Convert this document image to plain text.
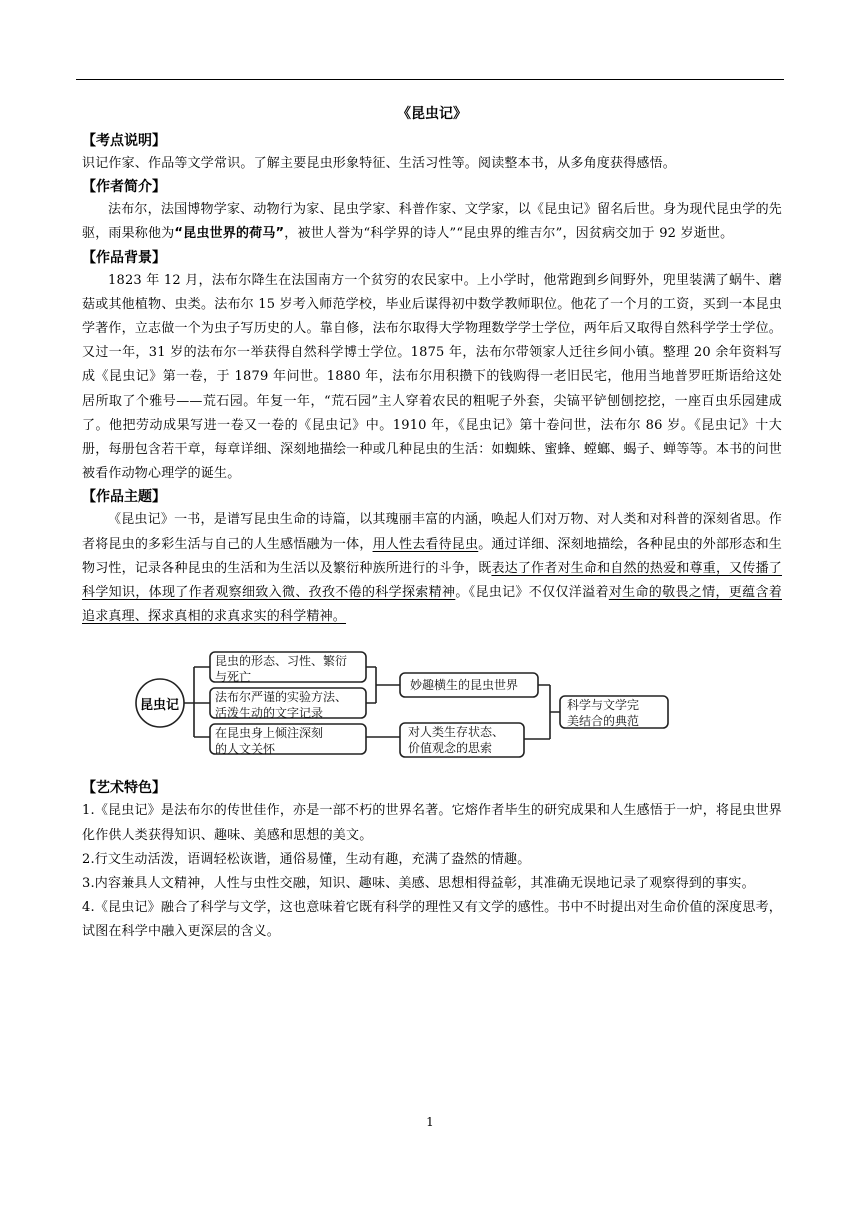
《昆虫记》
【考点说明】

识记作家、作品等文学常识。了解主要昆虫形象特征、生活习性等。阅读整本书，从多角度获得感悟。

【作者简介】

法布尔，法国博物学家、动物行为家、昆虫学家、科普作家、文学家，以《昆虫记》留名后世。身为现代昆虫学的先驱，雨果称他为“昆虫世界的荷马”，被世人誉为“科学界的诗人”“昆虫界的维吉尔”，因贫病交加于 92 岁逝世。

【作品背景】

1823 年 12 月，法布尔降生在法国南方一个贫穷的农民家中。上小学时，他常跑到乡间野外，兜里装满了蜗牛、蘑菇或其他植物、虫类。法布尔 15 岁考入师范学校，毕业后谋得初中数学教师职位。他花了一个月的工资，买到一本昆虫学著作，立志做一个为虫子写历史的人。靠自修，法布尔取得大学物理数学学士学位，两年后又取得自然科学学士学位。又过一年，31 岁的法布尔一举获得自然科学博士学位。1875 年，法布尔带领家人迁往乡间小镇。整理 20 余年资料写成《昆虫记》第一卷，于 1879 年问世。1880 年，法布尔用积攒下的钱购得一老旧民宅，他用当地普罗旺斯语给这处居所取了个雅号——荒石园。年复一年，“荒石园”主人穿着农民的粗呢子外套，尖镐平铲刨刨挖挖，一座百虫乐园建成了。他把劳动成果写进一卷又一卷的《昆虫记》中。1910 年，《昆虫记》第十卷问世，法布尔 86 岁。《昆虫记》十大册，每册包含若干章，每章详细、深刻地描绘一种或几种昆虫的生活：如蜘蛛、蜜蜂、螳螂、蝎子、蝉等等。本书的问世被看作动物心理学的诞生。

【作品主题】

《昆虫记》一书，是谱写昆虫生命的诗篇，以其瑰丽丰富的内涵，唤起人们对万物、对人类和对科普的深刻省思。作者将昆虫的多彩生活与自己的人生感悟融为一体，用人性去看待昆虫。通过详细、深刻地描绘，各种昆虫的外部形态和生物习性，记录各种昆虫的生活和为生活以及繁衍种族所进行的斗争，既表达了作者对生命和自然的热爱和尊重，又传播了科学知识，体现了作者观察细致入微、孜孜不倦的科学探索精神。《昆虫记》不仅仅洋溢着对生命的敬畏之情，更蕴含着追求真理、探求真相的求真求实的科学精神。

昆虫记
昆虫的形态、习性、繁衍
与死亡
法布尔严谨的实验方法、
活泼生动的文字记录
在昆虫身上倾注深刻
的人文关怀
妙趣横生的昆虫世界
对人类生存状态、
价值观念的思索
科学与文学完
美结合的典范
【艺术特色】

1.《昆虫记》是法布尔的传世佳作，亦是一部不朽的世界名著。它熔作者毕生的研究成果和人生感悟于一炉，将昆虫世界化作供人类获得知识、趣味、美感和思想的美文。

2.行文生动活泼，语调轻松诙谐，通俗易懂，生动有趣，充满了盎然的情趣。

3.内容兼具人文精神，人性与虫性交融，知识、趣味、美感、思想相得益彰，其准确无误地记录了观察得到的事实。

4.《昆虫记》融合了科学与文学，这也意味着它既有科学的理性又有文学的感性。书中不时提出对生命价值的深度思考，试图在科学中融入更深层的含义。

1
